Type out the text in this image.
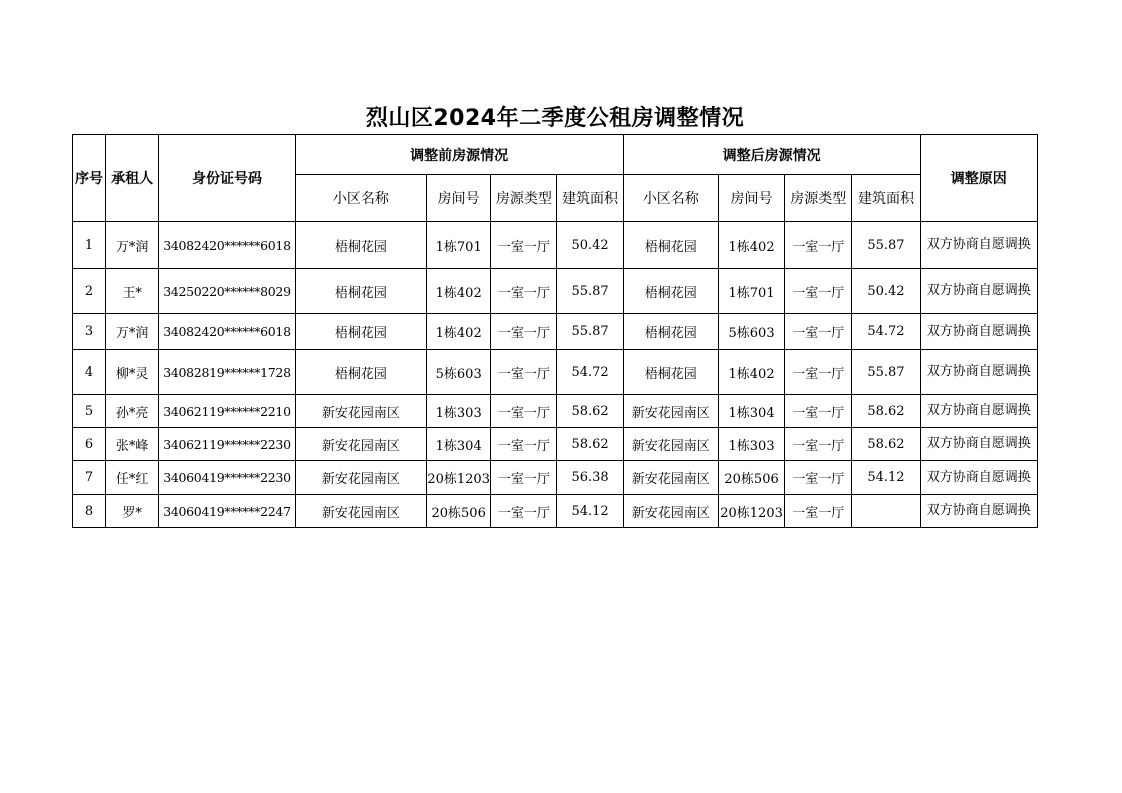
烈山区2024年二季度公租房调整情况
序号	承租人	身份证号码	调整前房源情况				调整后房源情况				调整原因
			小区名称	房间号	房源类型	建筑面积	小区名称	房间号	房源类型	建筑面积	
1	万*润	34082420******6018	梧桐花园	1栋701	一室一厅	50.42	梧桐花园	1栋402	一室一厅	55.87	双方协商自愿调换
2	王*	34250220******8029	梧桐花园	1栋402	一室一厅	55.87	梧桐花园	1栋701	一室一厅	50.42	双方协商自愿调换
3	万*润	34082420******6018	梧桐花园	1栋402	一室一厅	55.87	梧桐花园	5栋603	一室一厅	54.72	双方协商自愿调换
4	柳*灵	34082819******1728	梧桐花园	5栋603	一室一厅	54.72	梧桐花园	1栋402	一室一厅	55.87	双方协商自愿调换
5	孙*亮	34062119******2210	新安花园南区	1栋303	一室一厅	58.62	新安花园南区	1栋304	一室一厅	58.62	双方协商自愿调换
6	张*峰	34062119******2230	新安花园南区	1栋304	一室一厅	58.62	新安花园南区	1栋303	一室一厅	58.62	双方协商自愿调换
7	任*红	34060419******2230	新安花园南区	20栋1203	一室一厅	56.38	新安花园南区	20栋506	一室一厅	54.12	双方协商自愿调换
8	罗*	34060419******2247	新安花园南区	20栋506	一室一厅	54.12	新安花园南区	20栋1203	一室一厅		双方协商自愿调换
